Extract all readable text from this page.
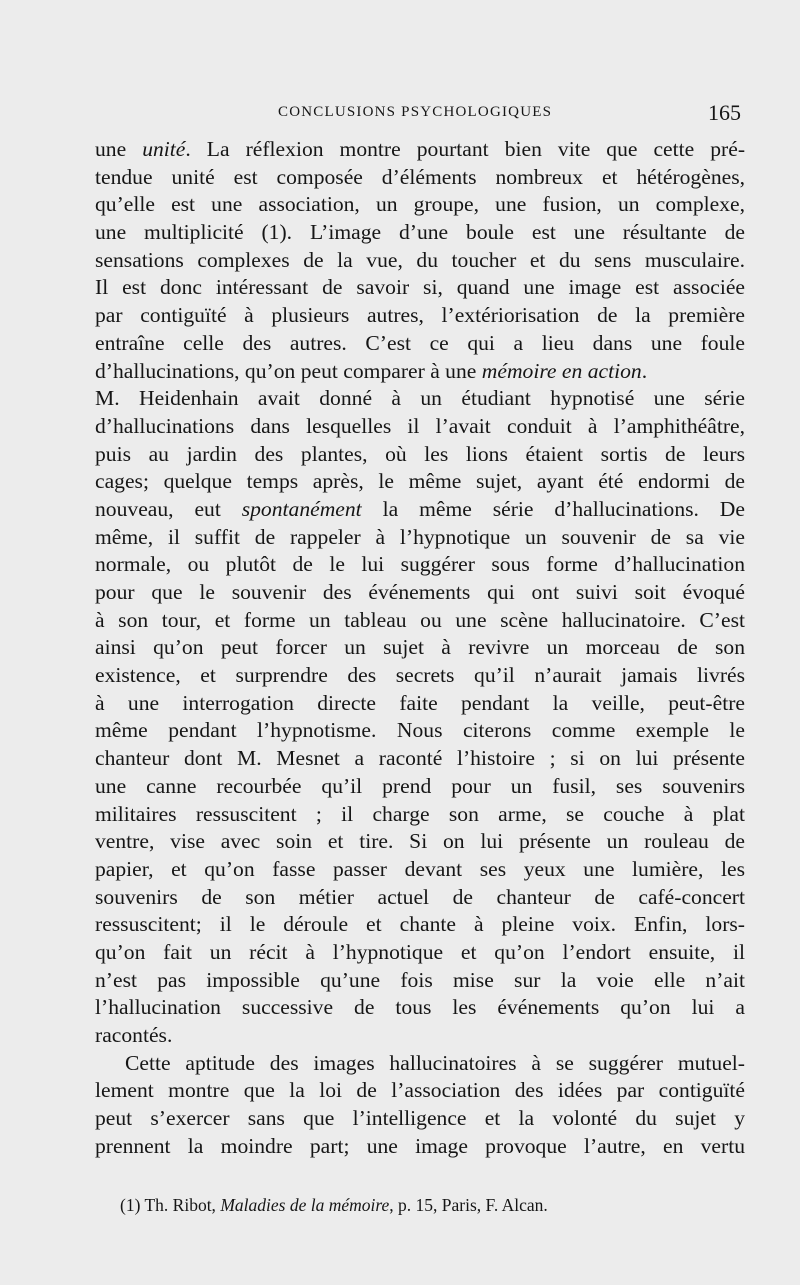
CONCLUSIONS PSYCHOLOGIQUES	165
une unité. La réflexion montre pourtant bien vite que cette pré-
tendue unité est composée d’éléments nombreux et hétérogènes,
qu’elle est une association, un groupe, une fusion, un complexe,
une multiplicité (1). L’image d’une boule est une résultante de
sensations complexes de la vue, du toucher et du sens musculaire.
Il est donc intéressant de savoir si, quand une image est associée
par contiguïté à plusieurs autres, l’extériorisation de la première
entraîne celle des autres. C’est ce qui a lieu dans une foule
d’hallucinations, qu’on peut comparer à une mémoire en action.
M. Heidenhain avait donné à un étudiant hypnotisé une série
d’hallucinations dans lesquelles il l’avait conduit à l’amphithéâtre,
puis au jardin des plantes, où les lions étaient sortis de leurs
cages; quelque temps après, le même sujet, ayant été endormi de
nouveau, eut spontanément la même série d’hallucinations. De
même, il suffit de rappeler à l’hypnotique un souvenir de sa vie
normale, ou plutôt de le lui suggérer sous forme d’hallucination
pour que le souvenir des événements qui ont suivi soit évoqué
à son tour, et forme un tableau ou une scène hallucinatoire. C’est
ainsi qu’on peut forcer un sujet à revivre un morceau de son
existence, et surprendre des secrets qu’il n’aurait jamais livrés
à une interrogation directe faite pendant la veille, peut-être
même pendant l’hypnotisme. Nous citerons comme exemple le
chanteur dont M. Mesnet a raconté l’histoire ; si on lui présente
une canne recourbée qu’il prend pour un fusil, ses souvenirs
militaires ressuscitent ; il charge son arme, se couche à plat
ventre, vise avec soin et tire. Si on lui présente un rouleau de
papier, et qu’on fasse passer devant ses yeux une lumière, les
souvenirs de son métier actuel de chanteur de café-concert
ressuscitent; il le déroule et chante à pleine voix. Enfin, lors-
qu’on fait un récit à l’hypnotique et qu’on l’endort ensuite, il
n’est pas impossible qu’une fois mise sur la voie elle n’ait
l’hallucination successive de tous les événements qu’on lui a
racontés.
Cette aptitude des images hallucinatoires à se suggérer mutuel-
lement montre que la loi de l’association des idées par contiguïté
peut s’exercer sans que l’intelligence et la volonté du sujet y
prennent la moindre part; une image provoque l’autre, en vertu
(1) Th. Ribot, Maladies de la mémoire, p. 15, Paris, F. Alcan.
